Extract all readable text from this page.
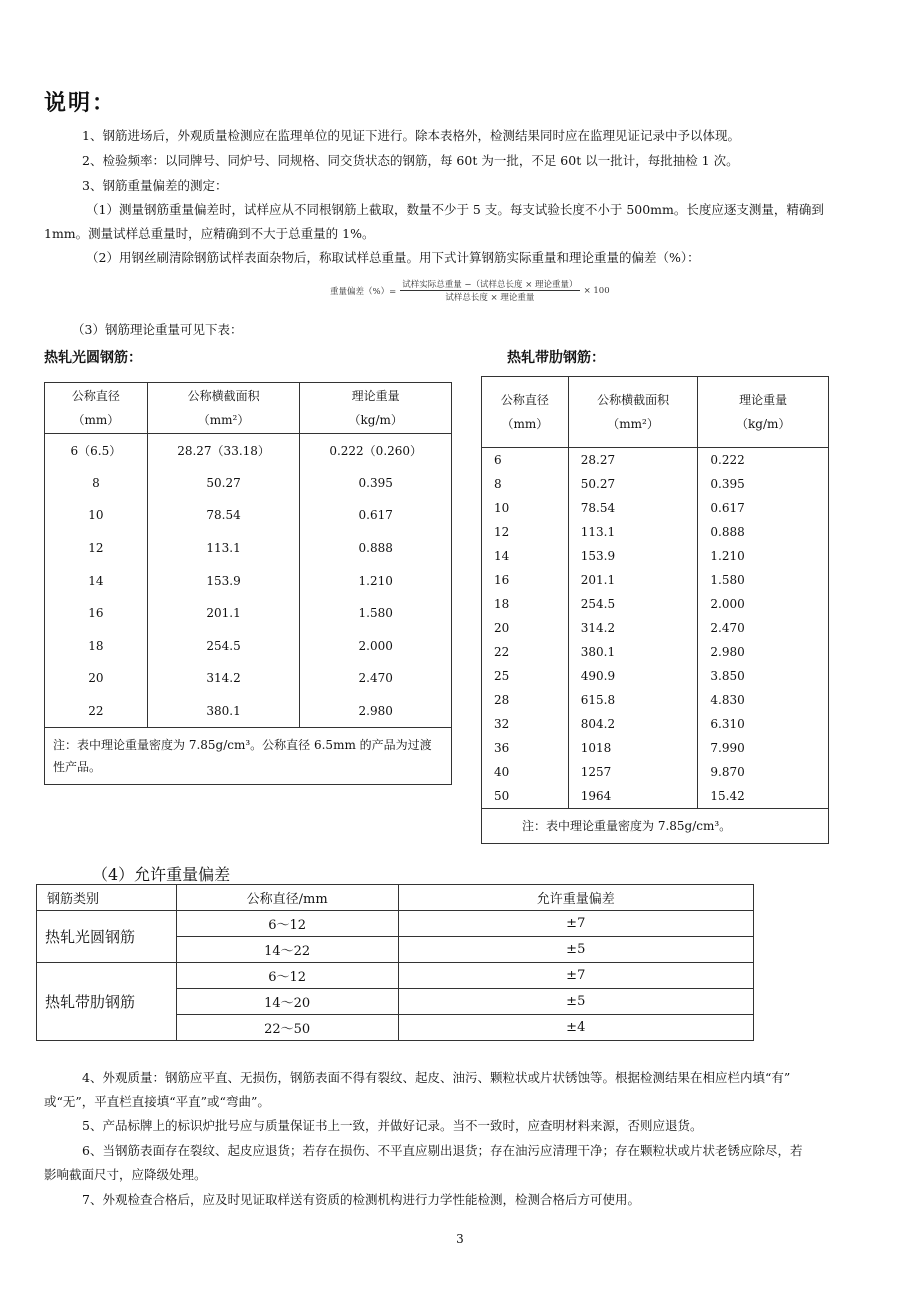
说明：
1、钢筋进场后，外观质量检测应在监理单位的见证下进行。除本表格外，检测结果同时应在监理见证记录中予以体现。
2、检验频率：以同牌号、同炉号、同规格、同交货状态的钢筋，每 60t 为一批，不足 60t 以一批计，每批抽检 1 次。
3、钢筋重量偏差的测定：
（1）测量钢筋重量偏差时，试样应从不同根钢筋上截取，数量不少于 5 支。每支试验长度不小于 500mm。长度应逐支测量，精确到
1mm。测量试样总重量时，应精确到不大于总重量的 1%。
（2）用钢丝刷清除钢筋试样表面杂物后，称取试样总重量。用下式计算钢筋实际重量和理论重量的偏差（%）：
重量偏差（%）= $\frac{\text{试样实际总重量 −（试样总长度 × 理论重量）}}{\text{试样总长度 × 理论重量}} \times 100$
（3）钢筋理论重量可见下表：
热轧光圆钢筋：	热轧带肋钢筋：
公称直径
（mm）	公称横截面积
（mm²）	理论重量
（kg/m）
6（6.5）	28.27（33.18）	0.222（0.260）
8	50.27	0.395
10	78.54	0.617
12	113.1	0.888
14	153.9	1.210
16	201.1	1.580
18	254.5	2.000
20	314.2	2.470
22	380.1	2.980
注：表中理论重量密度为 7.85g/cm³。公称直径 6.5mm 的产品为过渡性产品。		
公称直径
（mm）	公称横截面积
（mm²）	理论重量
（kg/m）
6	28.27	0.222
8	50.27	0.395
10	78.54	0.617
12	113.1	0.888
14	153.9	1.210
16	201.1	1.580
18	254.5	2.000
20	314.2	2.470
22	380.1	2.980
25	490.9	3.850
28	615.8	4.830
32	804.2	6.310
36	1018	7.990
40	1257	9.870
50	1964	15.42
注：表中理论重量密度为 7.85g/cm³。		
（4）允许重量偏差
钢筋类别	公称直径/mm	允许重量偏差
热轧光圆钢筋	6～12	±7
	14～22	±5
热轧带肋钢筋	6～12	±7
	14～20	±5
	22～50	±4
4、外观质量：钢筋应平直、无损伤，钢筋表面不得有裂纹、起皮、油污、颗粒状或片状锈蚀等。根据检测结果在相应栏内填“有”
或“无”，平直栏直接填“平直”或“弯曲”。
5、产品标牌上的标识炉批号应与质量保证书上一致，并做好记录。当不一致时，应查明材料来源，否则应退货。
6、当钢筋表面存在裂纹、起皮应退货；若存在损伤、不平直应剔出退货；存在油污应清理干净；存在颗粒状或片状老锈应除尽，若
影响截面尺寸，应降级处理。
7、外观检查合格后，应及时见证取样送有资质的检测机构进行力学性能检测，检测合格后方可使用。
3
